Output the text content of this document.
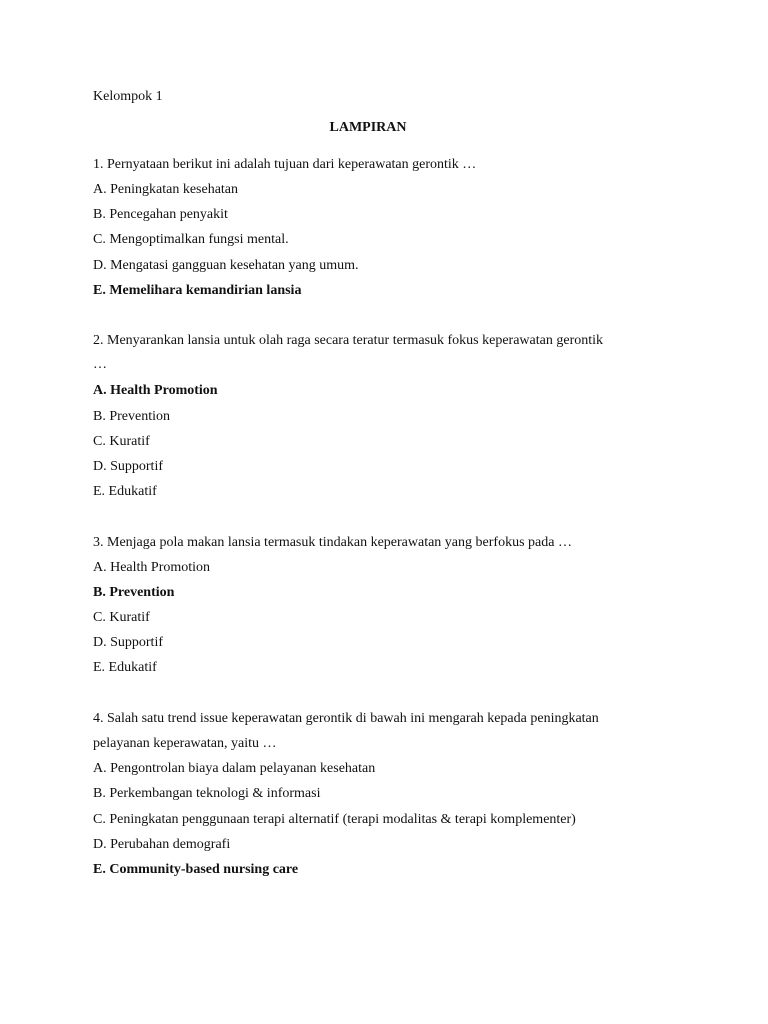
Kelompok 1
LAMPIRAN
1. Pernyataan berikut ini adalah tujuan dari keperawatan gerontik …
A. Peningkatan kesehatan
B. Pencegahan penyakit
C. Mengoptimalkan fungsi mental.
D. Mengatasi gangguan kesehatan yang umum.
E. Memelihara kemandirian lansia
2. Menyarankan lansia untuk olah raga secara teratur termasuk fokus keperawatan gerontik
…
A. Health Promotion
B. Prevention
C. Kuratif
D. Supportif
E. Edukatif
3. Menjaga pola makan lansia termasuk tindakan keperawatan yang berfokus pada …
A. Health Promotion
B. Prevention
C. Kuratif
D. Supportif
E. Edukatif
4. Salah satu trend issue keperawatan gerontik di bawah ini mengarah kepada peningkatan
pelayanan keperawatan, yaitu …
A. Pengontrolan biaya dalam pelayanan kesehatan
B. Perkembangan teknologi & informasi
C. Peningkatan penggunaan terapi alternatif (terapi modalitas & terapi komplementer)
D. Perubahan demografi
E. Community-based nursing care
